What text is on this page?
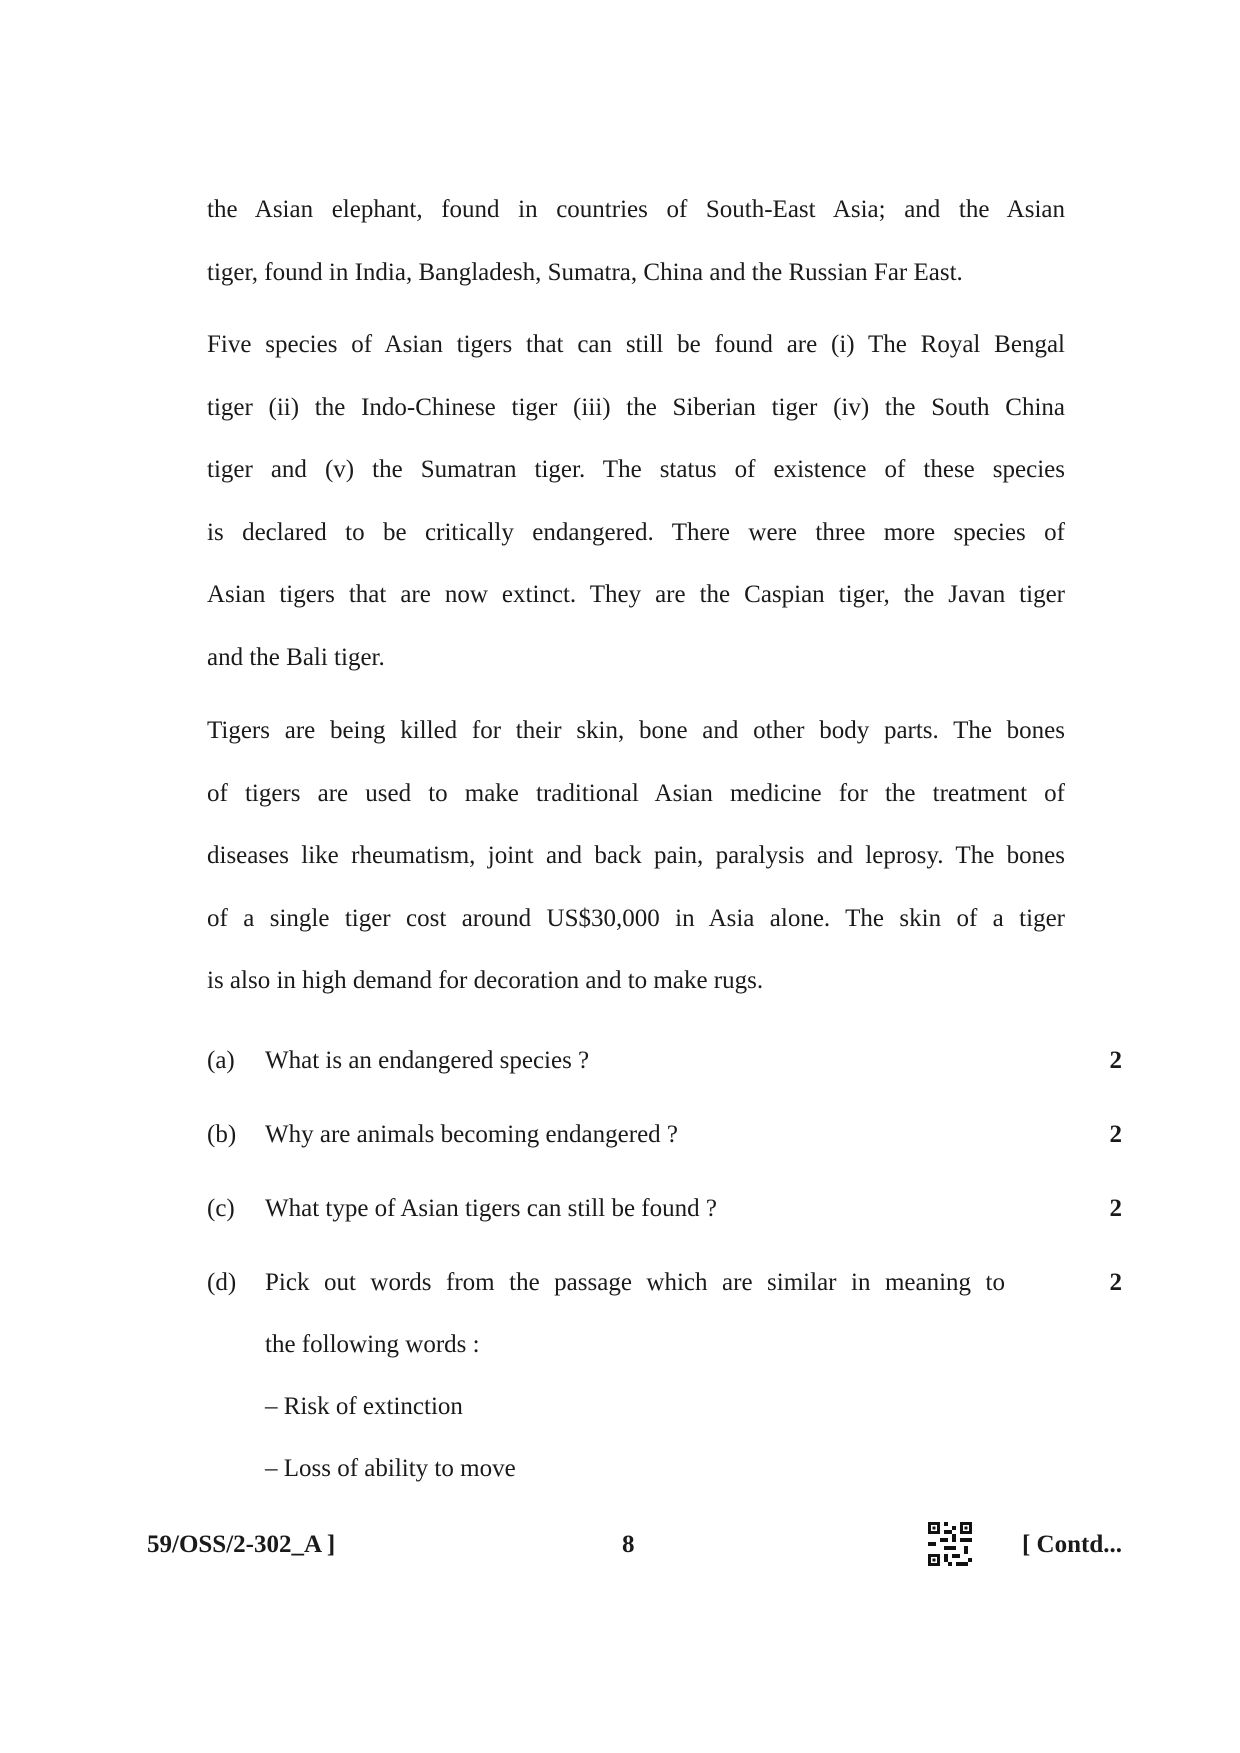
the Asian elephant, found in countries of South-East Asia; and the Asian
tiger, found in India, Bangladesh, Sumatra, China and the Russian Far East.
Five species of Asian tigers that can still be found are (i) The Royal Bengal
tiger (ii) the Indo-Chinese tiger (iii) the Siberian tiger (iv) the South China
tiger and (v) the Sumatran tiger. The status of existence of these species
is declared to be critically endangered. There were three more species of
Asian tigers that are now extinct. They are the Caspian tiger, the Javan tiger
and the Bali tiger.
Tigers are being killed for their skin, bone and other body parts. The bones
of tigers are used to make traditional Asian medicine for the treatment of
diseases like rheumatism, joint and back pain, paralysis and leprosy. The bones
of a single tiger cost around US$30,000 in Asia alone. The skin of a tiger
is also in high demand for decoration and to make rugs.
(a) What is an endangered species ?	2
(b) Why are animals becoming endangered ?	2
(c) What type of Asian tigers can still be found ?	2
(d) Pick out words from the passage which are similar in meaning to	2
the following words :
– Risk of extinction
– Loss of ability to move
59/OSS/2-302_A ]	8	[ Contd...
